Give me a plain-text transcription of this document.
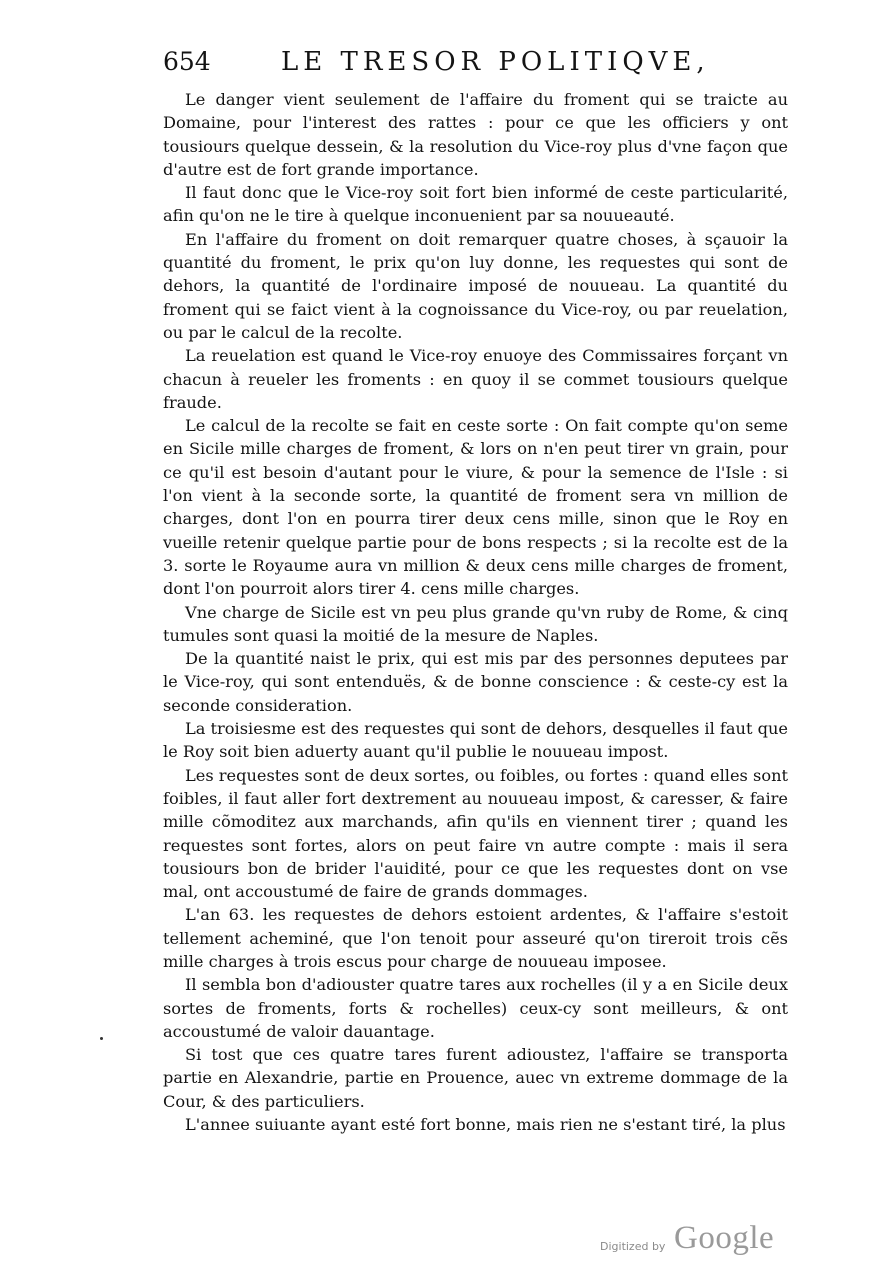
654	LE TRESOR POLITIQVE,

Le danger vient seulement de l'affaire du froment qui se traicte au Domaine, pour l'interest des rattes : pour ce que les officiers y ont tousiours quelque dessein, & la resolution du Vice-roy plus d'vne façon que d'autre est de fort grande importance.

Il faut donc que le Vice-roy soit fort bien informé de ceste particularité, afin qu'on ne le tire à quelque inconuenient par sa nouueauté.

En l'affaire du froment on doit remarquer quatre choses, à sçauoir la quantité du froment, le prix qu'on luy donne, les requestes qui sont de dehors, la quantité de l'ordinaire imposé de nouueau. La quantité du froment qui se faict vient à la cognoissance du Vice-roy, ou par reuelation, ou par le calcul de la recolte.

La reuelation est quand le Vice-roy enuoye des Commissaires forçant vn chacun à reueler les froments : en quoy il se commet tousiours quelque fraude.

Le calcul de la recolte se fait en ceste sorte : On fait compte qu'on seme en Sicile mille charges de froment, & lors on n'en peut tirer vn grain, pour ce qu'il est besoin d'autant pour le viure, & pour la semence de l'Isle : si l'on vient à la seconde sorte, la quantité de froment sera vn million de charges, dont l'on en pourra tirer deux cens mille, sinon que le Roy en vueille retenir quelque partie pour de bons respects ; si la recolte est de la 3. sorte le Royaume aura vn million & deux cens mille charges de froment, dont l'on pourroit alors tirer 4. cens mille charges.

Vne charge de Sicile est vn peu plus grande qu'vn ruby de Rome, & cinq tumules sont quasi la moitié de la mesure de Naples.

De la quantité naist le prix, qui est mis par des personnes deputees par le Vice-roy, qui sont entenduës, & de bonne conscience : & ceste-cy est la seconde consideration.

La troisiesme est des requestes qui sont de dehors, desquelles il faut que le Roy soit bien aduerty auant qu'il publie le nouueau impost.

Les requestes sont de deux sortes, ou foibles, ou fortes : quand elles sont foibles, il faut aller fort dextrement au nouueau impost, & caresser, & faire mille cõmoditez aux marchands, afin qu'ils en viennent tirer ; quand les requestes sont fortes, alors on peut faire vn autre compte : mais il sera tousiours bon de brider l'auidité, pour ce que les requestes dont on vse mal, ont accoustumé de faire de grands dommages.

L'an 63. les requestes de dehors estoient ardentes, & l'affaire s'estoit tellement acheminé, que l'on tenoit pour asseuré qu'on tireroit trois cẽs mille charges à trois escus pour charge de nouueau imposee.

Il sembla bon d'adiouster quatre tares aux rochelles (il y a en Sicile deux sortes de froments, forts & rochelles) ceux-cy sont meilleurs, & ont accoustumé de valoir dauantage.

Si tost que ces quatre tares furent adioustez, l'affaire se transporta partie en Alexandrie, partie en Prouence, auec vn extreme dommage de la Cour, & des particuliers.

L'annee suiuante ayant esté fort bonne, mais rien ne s'estant tiré, la plus

Digitized by Google
